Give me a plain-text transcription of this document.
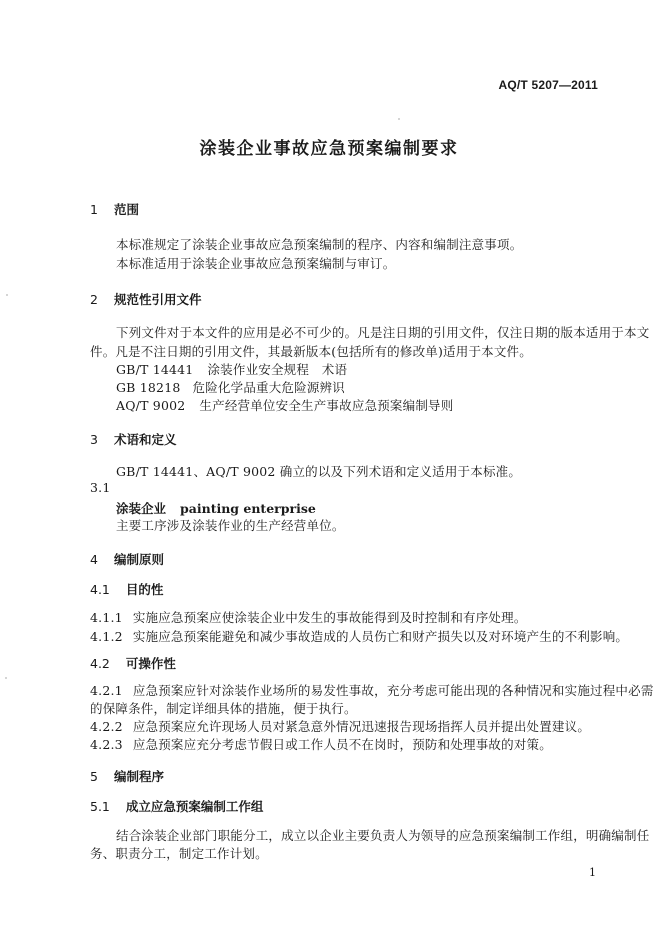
AQ/T 5207—2011
涂装企业事故应急预案编制要求
1 范围
本标准规定了涂装企业事故应急预案编制的程序、内容和编制注意事项。
本标准适用于涂装企业事故应急预案编制与审订。
2 规范性引用文件
下列文件对于本文件的应用是必不可少的。凡是注日期的引用文件，仅注日期的版本适用于本文
件。凡是不注日期的引用文件，其最新版本(包括所有的修改单)适用于本文件。
GB/T 14441 涂装作业安全规程　术语
GB 18218 危险化学品重大危险源辨识
AQ/T 9002 生产经营单位安全生产事故应急预案编制导则
3 术语和定义
GB/T 14441、AQ/T 9002 确立的以及下列术语和定义适用于本标准。
3.1
涂装企业 painting enterprise
主要工序涉及涂装作业的生产经营单位。
4 编制原则
4.1 目的性
4.1.1 实施应急预案应使涂装企业中发生的事故能得到及时控制和有序处理。
4.1.2 实施应急预案能避免和减少事故造成的人员伤亡和财产损失以及对环境产生的不利影响。
4.2 可操作性
4.2.1 应急预案应针对涂装作业场所的易发性事故，充分考虑可能出现的各种情况和实施过程中必需
的保障条件，制定详细具体的措施，便于执行。
4.2.2 应急预案应允许现场人员对紧急意外情况迅速报告现场指挥人员并提出处置建议。
4.2.3 应急预案应充分考虑节假日或工作人员不在岗时，预防和处理事故的对策。
5 编制程序
5.1 成立应急预案编制工作组
结合涂装企业部门职能分工，成立以企业主要负责人为领导的应急预案编制工作组，明确编制任
务、职责分工，制定工作计划。
1
